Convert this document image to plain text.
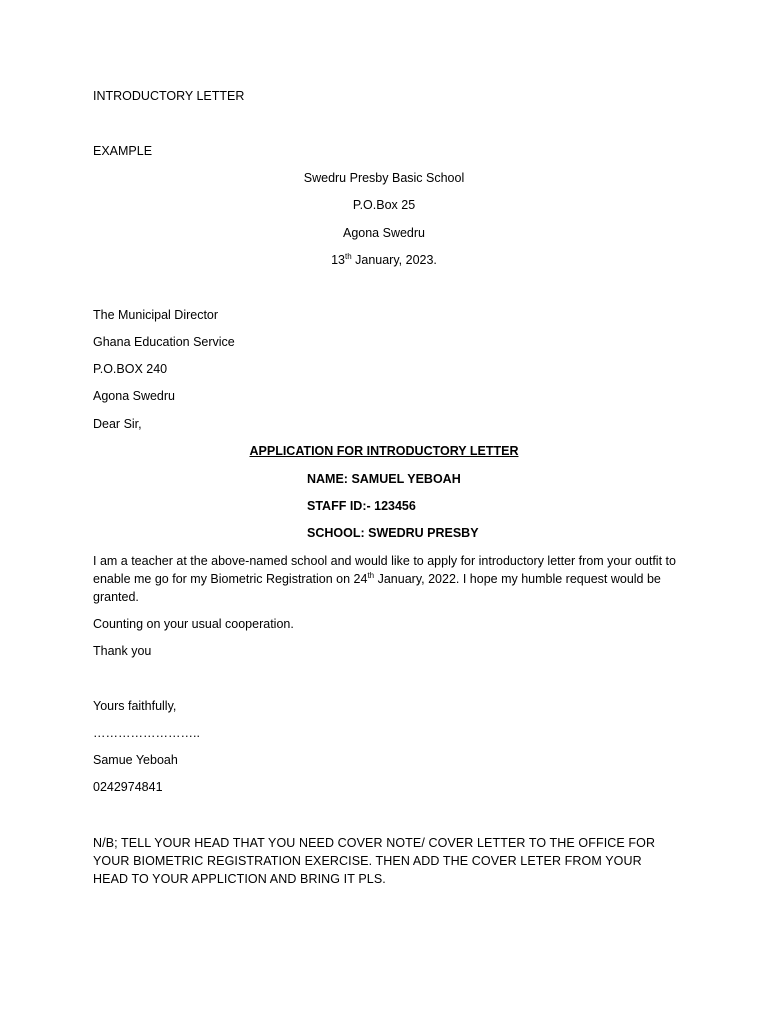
INTRODUCTORY LETTER
EXAMPLE
Swedru Presby Basic School
P.O.Box 25
Agona Swedru
13th January, 2023.
The Municipal Director
Ghana Education Service
P.O.BOX 240
Agona Swedru
Dear Sir,
APPLICATION FOR INTRODUCTORY LETTER
NAME: SAMUEL YEBOAH
STAFF ID:- 123456
SCHOOL: SWEDRU PRESBY
I am a teacher at the above-named school and would like to apply for introductory letter from your outfit to enable me go for my Biometric Registration on 24th January, 2022. I hope my humble request would be granted.
Counting on your usual cooperation.
Thank you
Yours faithfully,
……………………..
Samue Yeboah
0242974841
N/B; TELL YOUR HEAD THAT YOU NEED COVER NOTE/ COVER LETTER TO THE OFFICE FOR YOUR BIOMETRIC REGISTRATION EXERCISE. THEN ADD THE COVER LETER FROM YOUR HEAD TO YOUR APPLICTION AND BRING IT PLS.
